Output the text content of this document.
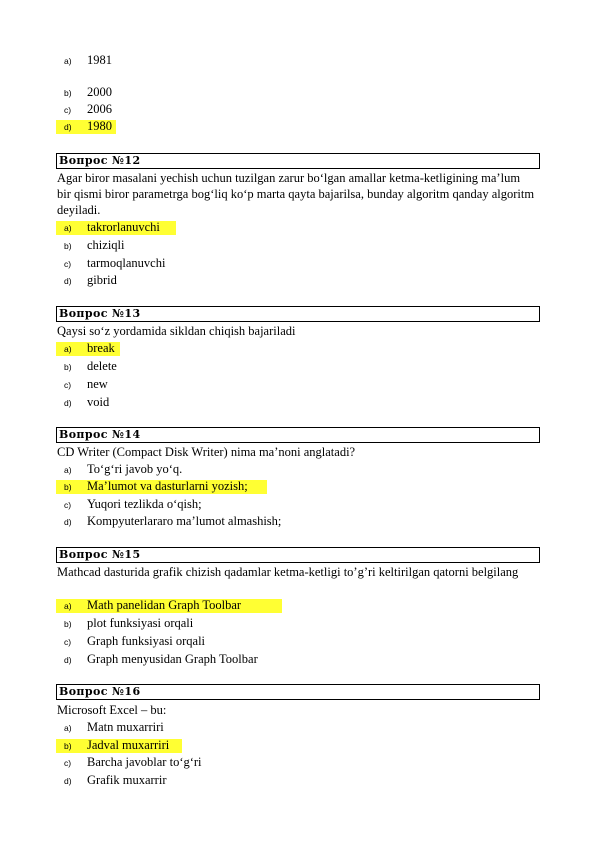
a) 1981
b) 2000
c) 2006
d) 1980
Вопрос №12
Agar biror masalani yechish uchun tuzilgan zarur bo‘lgan amallar ketma-ketligining ma’lum bir qismi biror parametrga bog‘liq ko‘p marta qayta bajarilsa, bunday algoritm qanday algoritm deyiladi.
a) takrorlanuvchi
b) chiziqli
c) tarmoqlanuvchi
d) gibrid
Вопрос №13
Qaysi so‘z yordamida sikldan chiqish bajariladi
a) break
b) delete
c) new
d) void
Вопрос №14
CD Writer (Compact Disk Writer) nima ma’noni anglatadi?
a) To‘g‘ri javob yo‘q.
b) Ma’lumot va dasturlarni yozish;
c) Yuqori tezlikda o‘qish;
d) Kompyuterlararo ma’lumot almashish;
Вопрос №15
Mathcad dasturida grafik chizish qadamlar ketma-ketligi to’g’ri keltirilgan qatorni belgilang
a) Math panelidan Graph Toolbar
b) plot funksiyasi orqali
c) Graph funksiyasi orqali
d) Graph menyusidan Graph Toolbar
Вопрос №16
Microsoft Excel – bu:
a) Matn muxarriri
b) Jadval muxarriri
c) Barcha javoblar to‘g‘ri
d) Grafik muxarrir
